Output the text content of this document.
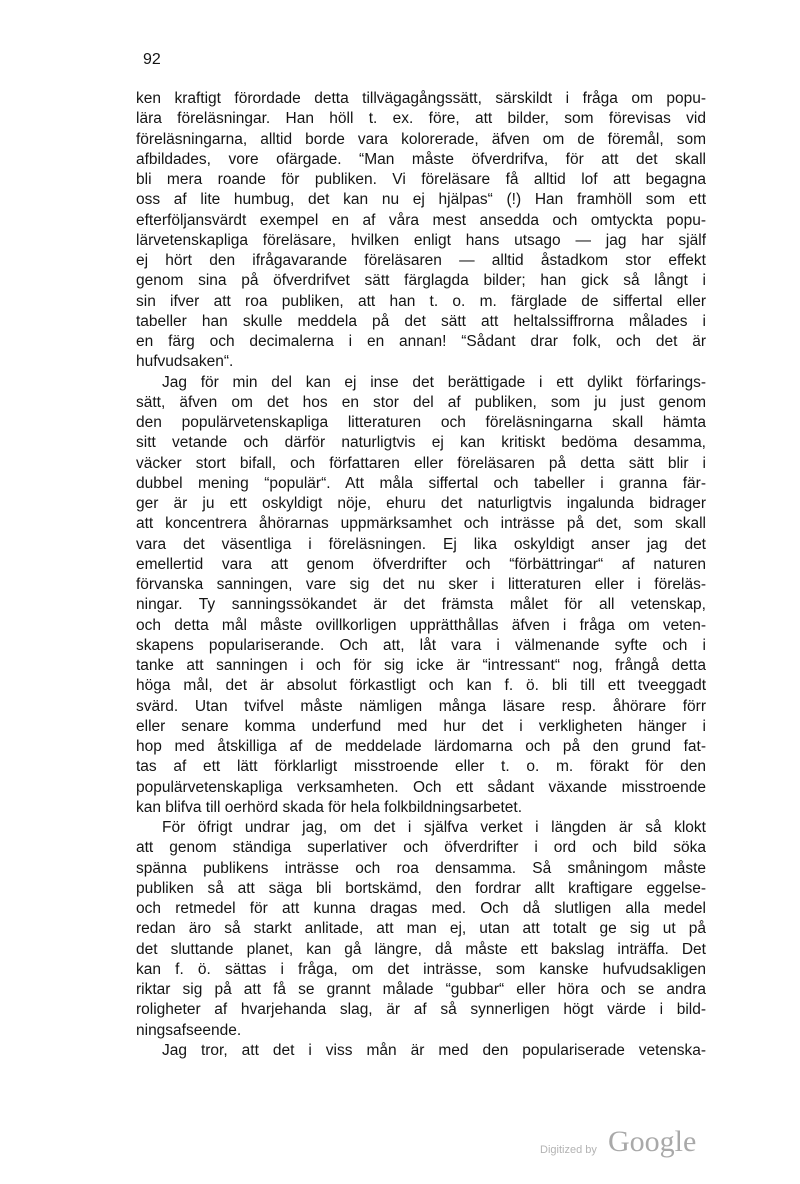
92
ken kraftigt förordade detta tillvägagångssätt, särskildt i fråga om popu-
lära föreläsningar. Han höll t. ex. före, att bilder, som förevisas vid
föreläsningarna, alltid borde vara kolorerade, äfven om de föremål, som
afbildades, vore ofärgade. “Man måste öfverdrifva, för att det skall
bli mera roande för publiken. Vi föreläsare få alltid lof att begagna
oss af lite humbug, det kan nu ej hjälpas“ (!) Han framhöll som ett
efterföljansvärdt exempel en af våra mest ansedda och omtyckta popu-
lärvetenskapliga föreläsare, hvilken enligt hans utsago — jag har själf
ej hört den ifrågavarande föreläsaren — alltid åstadkom stor effekt
genom sina på öfverdrifvet sätt färglagda bilder; han gick så långt i
sin ifver att roa publiken, att han t. o. m. färglade de siffertal eller
tabeller han skulle meddela på det sätt att heltalssiffrorna målades i
en färg och decimalerna i en annan! “Sådant drar folk, och det är
hufvudsaken“.
Jag för min del kan ej inse det berättigade i ett dylikt förfarings-
sätt, äfven om det hos en stor del af publiken, som ju just genom
den populärvetenskapliga litteraturen och föreläsningarna skall hämta
sitt vetande och därför naturligtvis ej kan kritiskt bedöma desamma,
väcker stort bifall, och författaren eller föreläsaren på detta sätt blir i
dubbel mening “populär“. Att måla siffertal och tabeller i granna fär-
ger är ju ett oskyldigt nöje, ehuru det naturligtvis ingalunda bidrager
att koncentrera åhörarnas uppmärksamhet och inträsse på det, som skall
vara det väsentliga i föreläsningen. Ej lika oskyldigt anser jag det
emellertid vara att genom öfverdrifter och “förbättringar“ af naturen
förvanska sanningen, vare sig det nu sker i litteraturen eller i föreläs-
ningar. Ty sanningssökandet är det främsta målet för all vetenskap,
och detta mål måste ovillkorligen upprätthållas äfven i fråga om veten-
skapens populariserande. Och att, låt vara i välmenande syfte och i
tanke att sanningen i och för sig icke är “intressant“ nog, frångå detta
höga mål, det är absolut förkastligt och kan f. ö. bli till ett tveeggadt
svärd. Utan tvifvel måste nämligen många läsare resp. åhörare förr
eller senare komma underfund med hur det i verkligheten hänger i
hop med åtskilliga af de meddelade lärdomarna och på den grund fat-
tas af ett lätt förklarligt misstroende eller t. o. m. förakt för den
populärvetenskapliga verksamheten. Och ett sådant växande misstroende
kan blifva till oerhörd skada för hela folkbildningsarbetet.
För öfrigt undrar jag, om det i själfva verket i längden är så klokt
att genom ständiga superlativer och öfverdrifter i ord och bild söka
spänna publikens inträsse och roa densamma. Så småningom måste
publiken så att säga bli bortskämd, den fordrar allt kraftigare eggelse-
och retmedel för att kunna dragas med. Och då slutligen alla medel
redan äro så starkt anlitade, att man ej, utan att totalt ge sig ut på
det sluttande planet, kan gå längre, då måste ett bakslag inträffa. Det
kan f. ö. sättas i fråga, om det inträsse, som kanske hufvudsakligen
riktar sig på att få se grannt målade “gubbar“ eller höra och se andra
roligheter af hvarjehanda slag, är af så synnerligen högt värde i bild-
ningsafseende.
Jag tror, att det i viss mån är med den populariserade vetenska-
Digitized by Google
